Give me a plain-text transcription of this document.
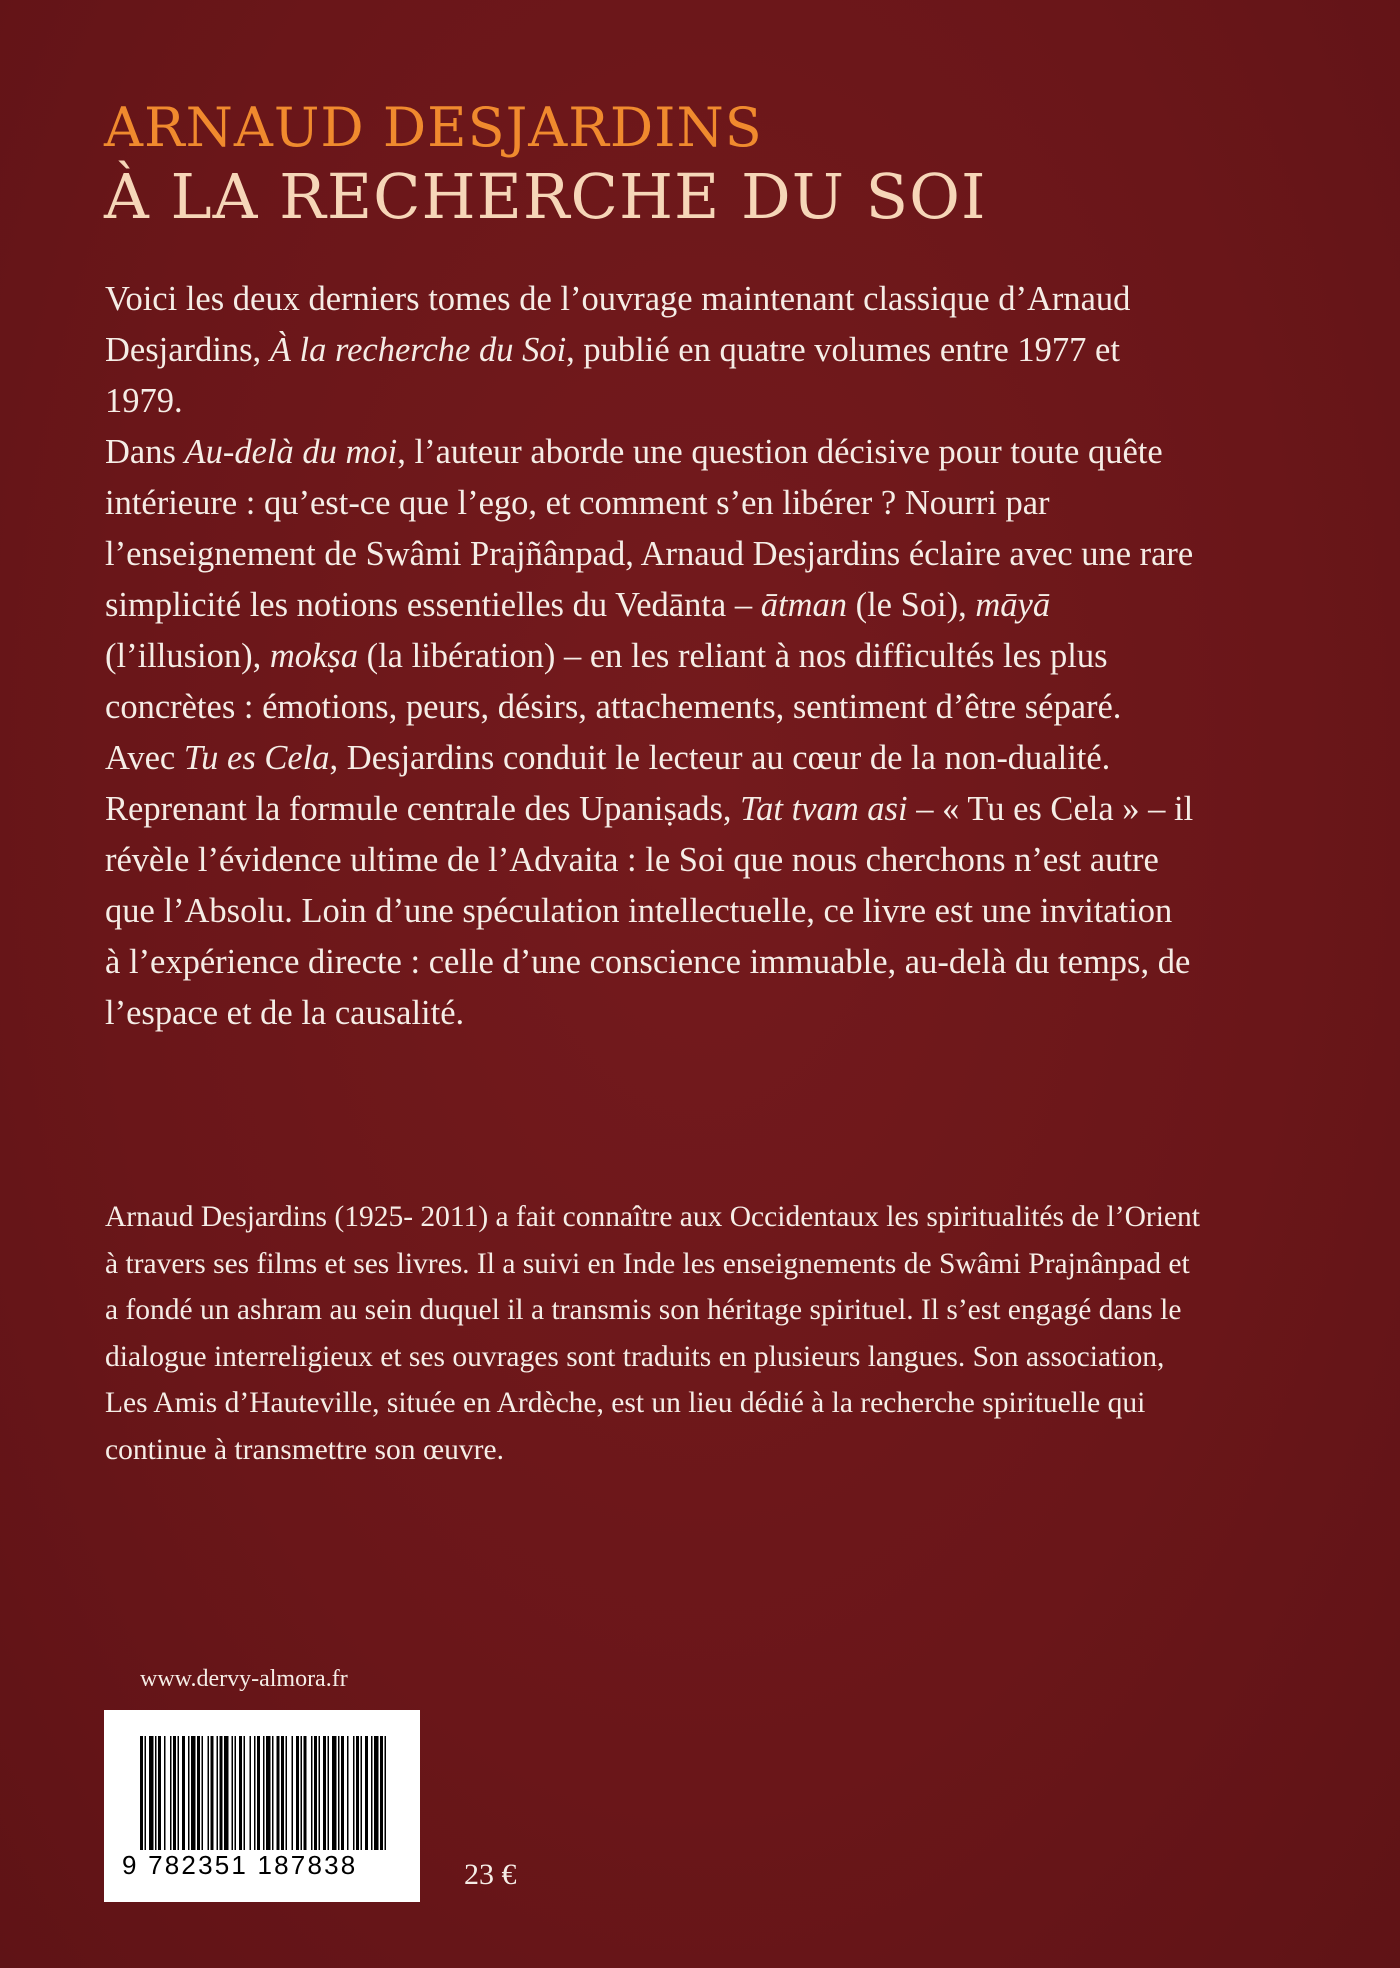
ARNAUD DESJARDINS
À LA RECHERCHE DU SOI

Voici les deux derniers tomes de l’ouvrage maintenant classique d’Arnaud Desjardins, À la recherche du Soi, publié en quatre volumes entre 1977 et 1979.

Dans Au-delà du moi, l’auteur aborde une question décisive pour toute quête intérieure : qu’est-ce que l’ego, et comment s’en libérer ? Nourri par l’enseignement de Swâmi Prajñânpad, Arnaud Desjardins éclaire avec une rare simplicité les notions essentielles du Vedānta – ātman (le Soi), māyā (l’illusion), mokṣa (la libération) – en les reliant à nos difficultés les plus concrètes : émotions, peurs, désirs, attachements, sentiment d’être séparé.

Avec Tu es Cela, Desjardins conduit le lecteur au cœur de la non-dualité. Reprenant la formule centrale des Upaniṣads, Tat tvam asi – « Tu es Cela » – il révèle l’évidence ultime de l’Advaita : le Soi que nous cherchons n’est autre que l’Absolu. Loin d’une spéculation intellectuelle, ce livre est une invitation à l’expérience directe : celle d’une conscience immuable, au-delà du temps, de l’espace et de la causalité.

Arnaud Desjardins (1925- 2011) a fait connaître aux Occidentaux les spiritualités de l’Orient à travers ses films et ses livres. Il a suivi en Inde les enseignements de Swâmi Prajnânpad et a fondé un ashram au sein duquel il a transmis son héritage spirituel. Il s’est engagé dans le dialogue interreligieux et ses ouvrages sont traduits en plusieurs langues. Son association, Les Amis d’Hauteville, située en Ardèche, est un lieu dédié à la recherche spirituelle qui continue à transmettre son œuvre.

www.dervy-almora.fr
9 782351 187838	23 €
